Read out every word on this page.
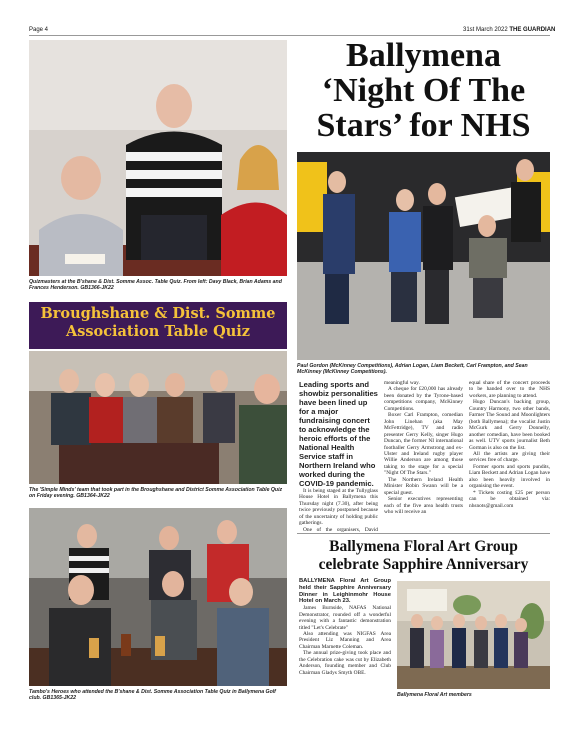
Page 4	31st March 2022 THE GUARDIAN
Quizmasters at the B'shane & Dist. Somme Assoc. Table Quiz. From left: Davy Black, Brian Adams and Frances Henderson. GB1366-JK22
Broughshane & Dist. Somme
Association Table Quiz
The 'Simple Minds' team that took part in the Broughshane and District Somme Association Table Quiz on Friday evening. GB1364-JK22
Tambo's Heroes who attended the B'shane & Dist. Somme Association Table Quiz in Ballymena Golf club. GB1365-JK22
Ballymena
‘Night Of The
Stars’ for NHS
Paul Gordon (McKinney Competitions), Adrian Logan, Liam Beckett, Carl Frampton, and Sean McKinney (McKinney Competitions).

Leading sports and showbiz personalities have been lined up for a major fundraising concert to acknowledge the heroic efforts of the National Health Service staff in Northern Ireland who worked during the COVID-19 pandemic.

It is being staged at the Tullyglass House Hotel in Ballymena this Thursday night (7.30), after being twice previously postponed because of the uncertainty of holding public gatherings.

One of the organisers, David

meaningful way.

A cheque for £20,000 has already been donated by the Tyrone-based competitions company, McKinney Competitions.

Boxer Carl Frampton, comedian John Linehan (aka May McFettridge), TV and radio presenter Gerry Kelly, singer Hugo Duncan, the former NI international footballer Gerry Armstrong and ex-Ulster and Ireland rugby player Willie Anderson are among those taking to the stage for a special "Night Of The Stars."

The Northern Ireland Health Minister Robin Swann will be a special guest.

Senior executives representing each of the five area health trusts who will receive an

equal share of the concert proceeds to be handed over to the NHS workers, are planning to attend.

Hugo Duncan's backing group, Country Harmony, two other bands, Farmer The Sound and Moonlighters (both Ballymena); the vocalist Justin McGurk and Gerry Donnelly, another comedian, have been booked as well. UTV sports journalist Beth Gorman is also on the list.

All the artists are giving their services free of charge.

Former sports and sports pundits, Liam Beckett and Adrian Logan have also been heavily involved in organising the event.

* Tickets costing £25 per person can be obtained via: nhsnots@gmail.com

Ballymena Floral Art Group
celebrate Sapphire Anniversary

BALLYMENA Floral Art Group held their Sapphire Anniversary Dinner in Leighinmohr House Hotel on March 23.

James Burnside, NAFAS National Demonstrator, rounded off a wonderful evening with a fantastic demonstration titled "Let's Celebrate"

Also attending was NIGFAS Area President Liz Manning and Area Chairman Marnette Coleman.

The annual prize-giving took place and the Celebration cake was cut by Elizabeth Anderson, founding member and Club Chairman Gladys Smyth OBE.

Ballymena Floral Art members
